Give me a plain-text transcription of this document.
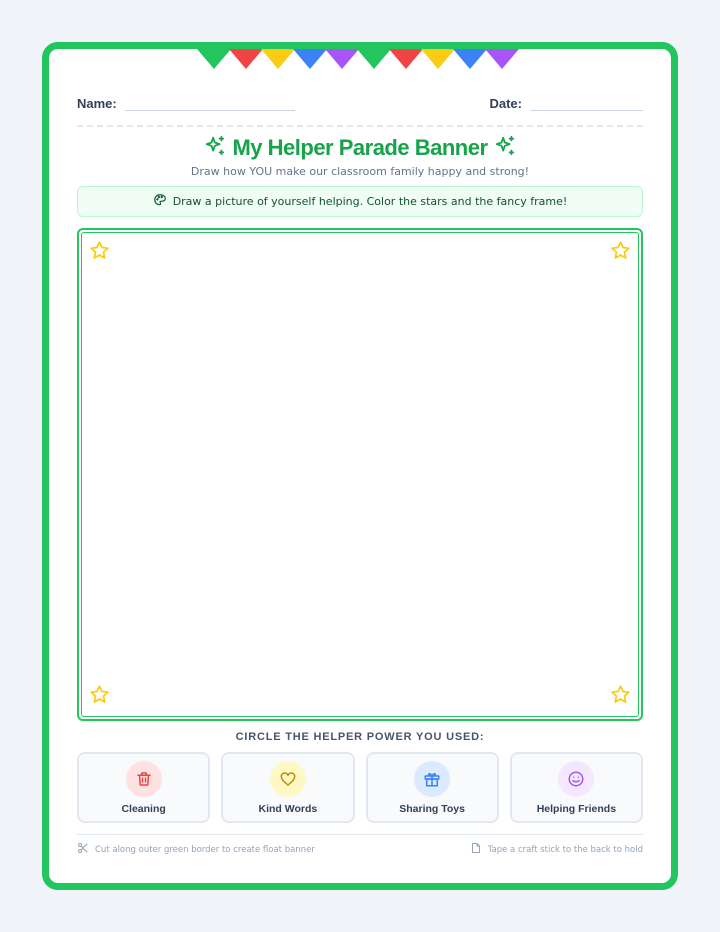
Name:	Date:
My Helper Parade Banner
Draw how YOU make our classroom family happy and strong!
Draw a picture of yourself helping. Color the stars and the fancy frame!
CIRCLE THE HELPER POWER YOU USED:
Cleaning	Kind Words	Sharing Toys	Helping Friends
Cut along outer green border to create float banner	Tape a craft stick to the back to hold
